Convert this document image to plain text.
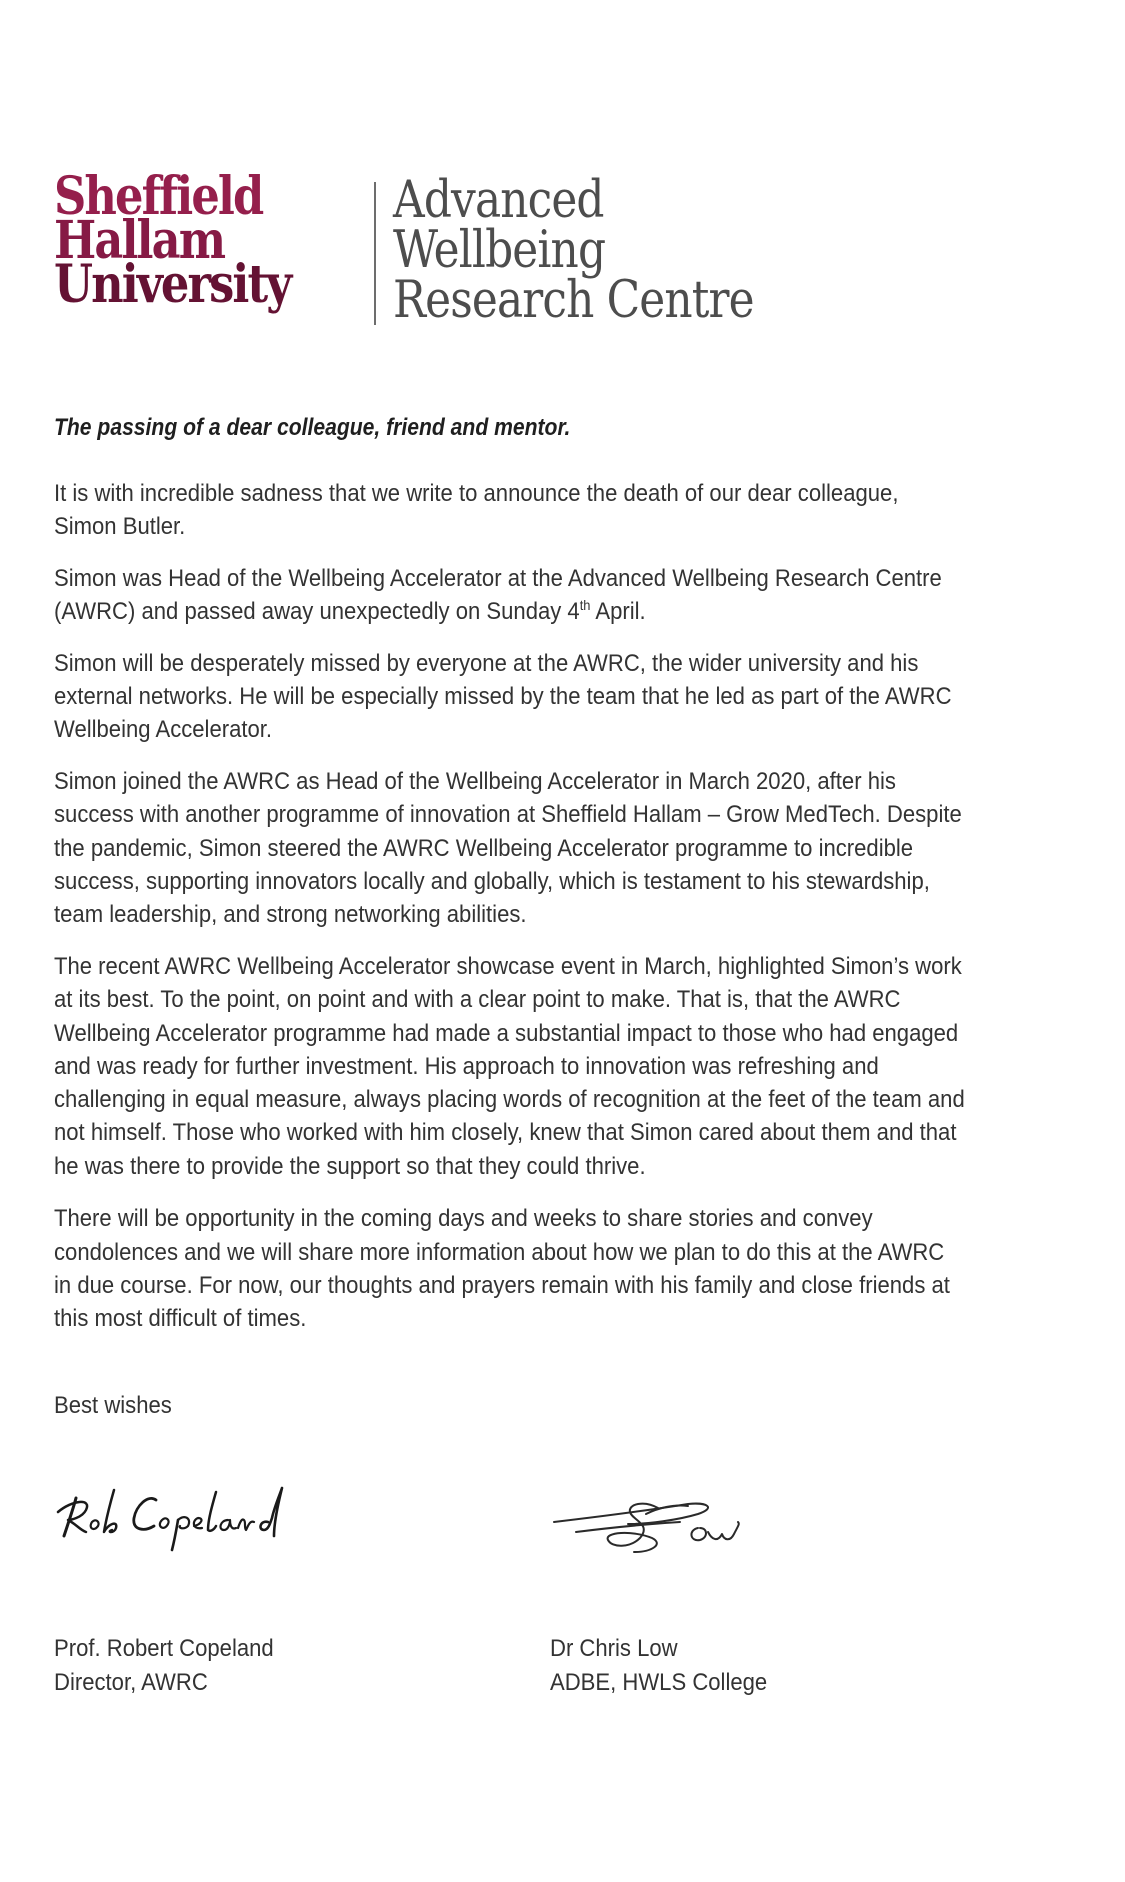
Sheffield
Hallam
University
Advanced
Wellbeing
Research Centre
The passing of a dear colleague, friend and mentor.
It is with incredible sadness that we write to announce the death of our dear colleague,
Simon Butler.
Simon was Head of the Wellbeing Accelerator at the Advanced Wellbeing Research Centre
(AWRC) and passed away unexpectedly on Sunday 4th April.
Simon will be desperately missed by everyone at the AWRC, the wider university and his
external networks. He will be especially missed by the team that he led as part of the AWRC
Wellbeing Accelerator.
Simon joined the AWRC as Head of the Wellbeing Accelerator in March 2020, after his
success with another programme of innovation at Sheffield Hallam – Grow MedTech. Despite
the pandemic, Simon steered the AWRC Wellbeing Accelerator programme to incredible
success, supporting innovators locally and globally, which is testament to his stewardship,
team leadership, and strong networking abilities.
The recent AWRC Wellbeing Accelerator showcase event in March, highlighted Simon’s work
at its best. To the point, on point and with a clear point to make. That is, that the AWRC
Wellbeing Accelerator programme had made a substantial impact to those who had engaged
and was ready for further investment. His approach to innovation was refreshing and
challenging in equal measure, always placing words of recognition at the feet of the team and
not himself. Those who worked with him closely, knew that Simon cared about them and that
he was there to provide the support so that they could thrive.
There will be opportunity in the coming days and weeks to share stories and convey
condolences and we will share more information about how we plan to do this at the AWRC
in due course. For now, our thoughts and prayers remain with his family and close friends at
this most difficult of times.
Best wishes
Prof. Robert Copeland
Director, AWRC
Dr Chris Low
ADBE, HWLS College
